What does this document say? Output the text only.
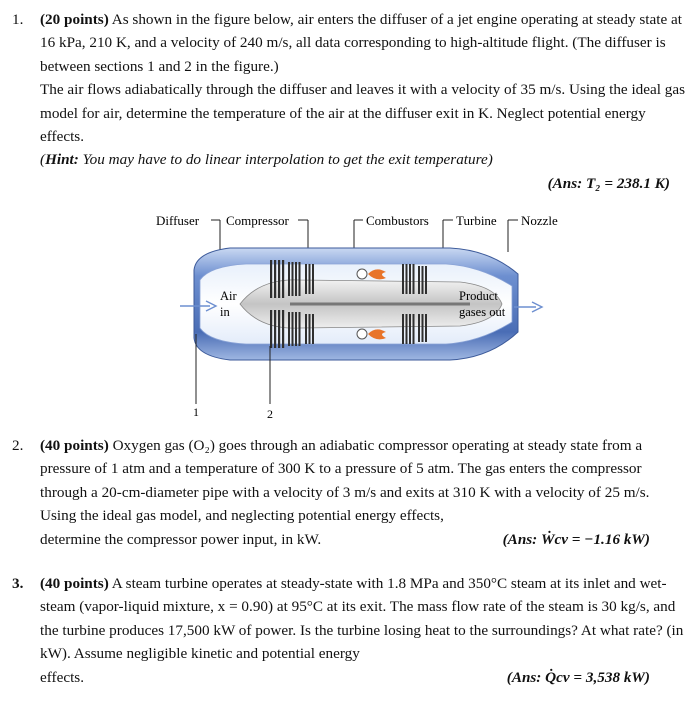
1.	(20 points) As shown in the figure below, air enters the diffuser of a jet engine operating at steady state at 16 kPa, 210 K, and a velocity of 240 m/s, all data corresponding to high-altitude flight. (The diffuser is between sections 1 and 2 in the figure.)

The air flows adiabatically through the diffuser and leaves it with a velocity of 35 m/s. Using the ideal gas model for air, determine the temperature of the air at the diffuser exit in K. Neglect potential energy effects.

(Hint: You may have to do linear interpolation to get the exit temperature)

(Ans: T₂ = 238.1 K)
Diffuser Compressor	Combustors Turbine Nozzle
Air
in
Product
gases out
1	2
2.	(40 points) Oxygen gas (O₂) goes through an adiabatic compressor operating at steady state from a pressure of 1 atm and a temperature of 300 K to a pressure of 5 atm. The gas enters the compressor through a 20-cm-diameter pipe with a velocity of 3 m/s and exits at 310 K with a velocity of 25 m/s. Using the ideal gas model, and neglecting potential energy effects,

determine the compressor power input, in kW.	(Ans: Ẇcv = −1.16 kW)
3.	(40 points) A steam turbine operates at steady-state with 1.8 MPa and 350°C steam at its inlet and wet-steam (vapor-liquid mixture, x = 0.90) at 95°C at its exit. The mass flow rate of the steam is 30 kg/s, and the turbine produces 17,500 kW of power. Is the turbine losing heat to the surroundings? At what rate? (in kW). Assume negligible kinetic and potential energy

effects.	(Ans: Q̇cv = 3,538 kW)
